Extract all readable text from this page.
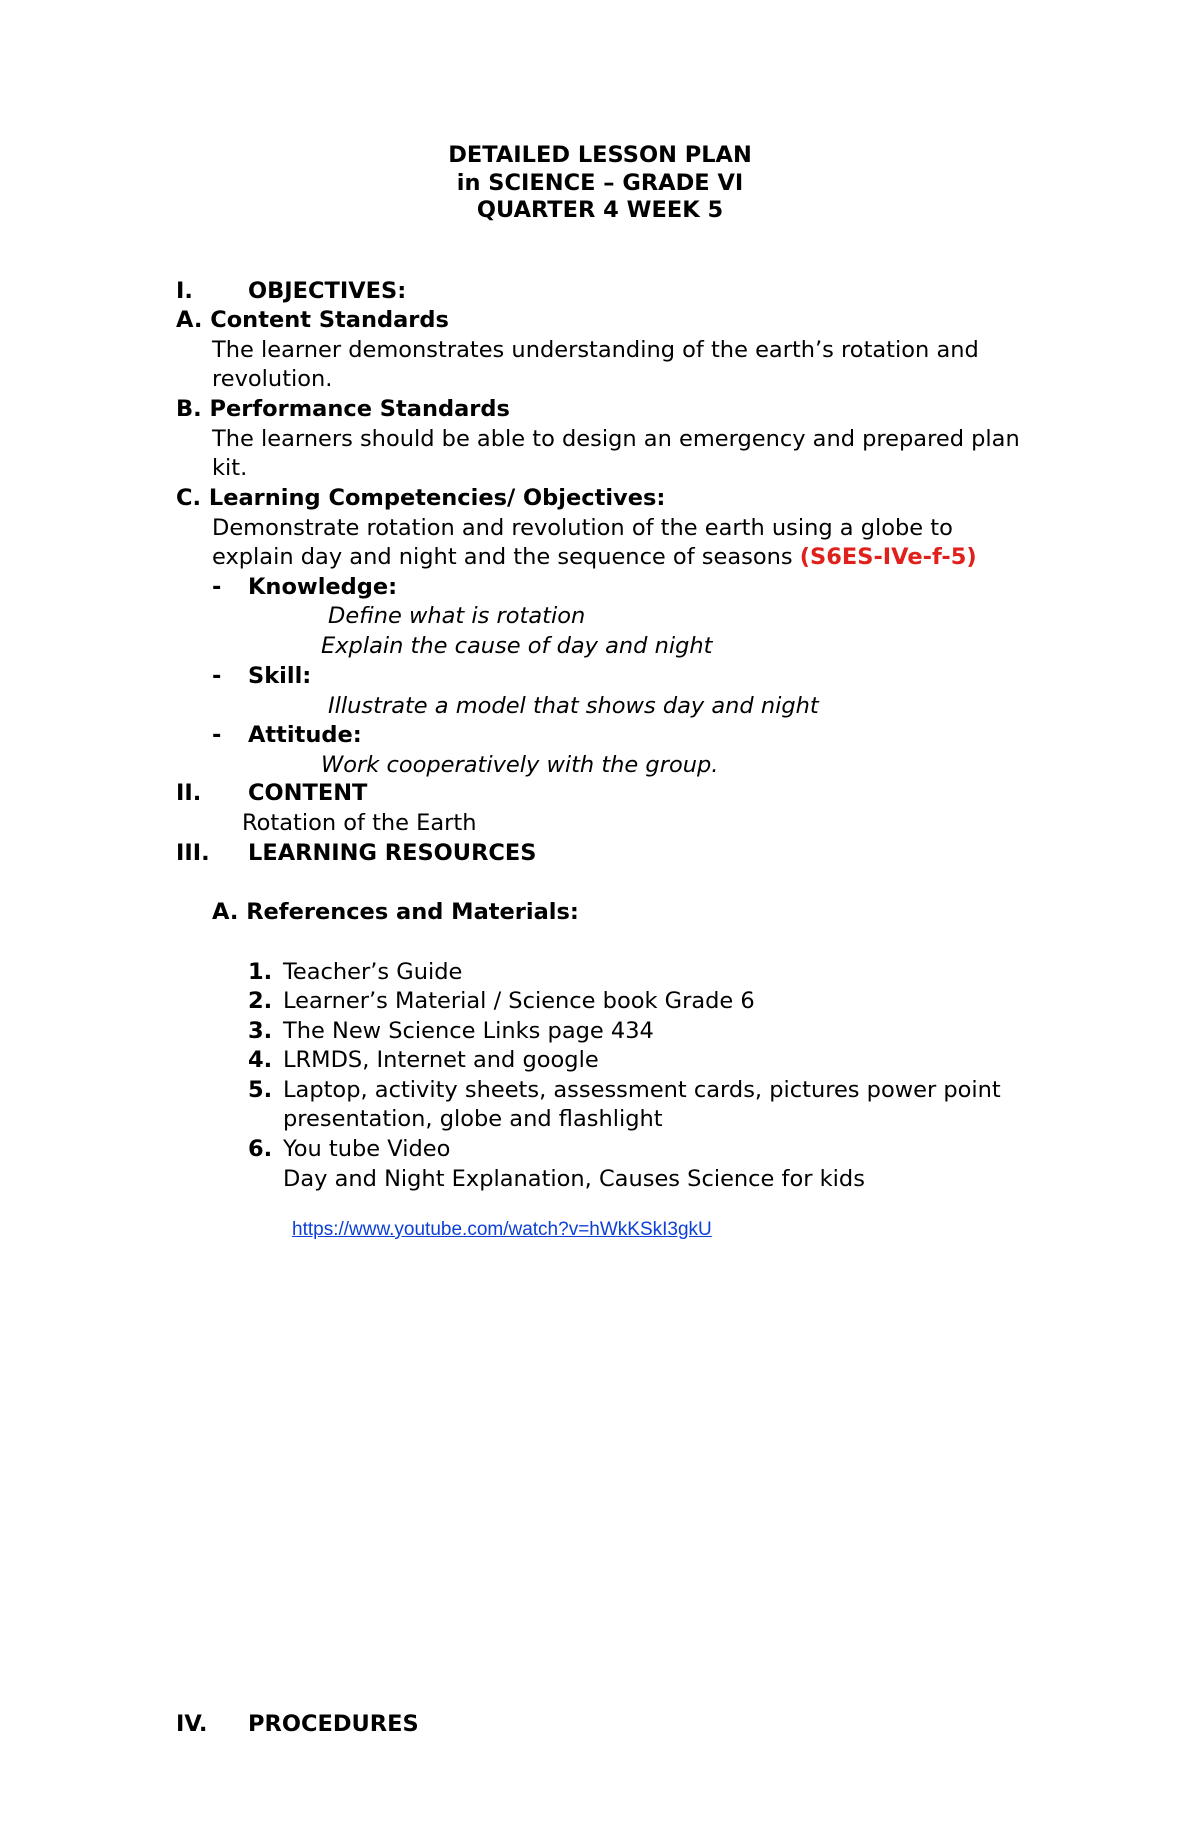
DETAILED LESSON PLAN
in SCIENCE – GRADE VI
QUARTER 4 WEEK 5
I. OBJECTIVES:
A. Content Standards
The learner demonstrates understanding of the earth’s rotation and
revolution.
B. Performance Standards
The learners should be able to design an emergency and prepared plan
kit.
C. Learning Competencies/ Objectives:
Demonstrate rotation and revolution of the earth using a globe to
explain day and night and the sequence of seasons (S6ES-IVe-f-5)
- Knowledge:
Define what is rotation
Explain the cause of day and night
- Skill:
Illustrate a model that shows day and night
- Attitude:
Work cooperatively with the group.
II. CONTENT
Rotation of the Earth
III. LEARNING RESOURCES
A. References and Materials:
1. Teacher’s Guide
2. Learner’s Material / Science book Grade 6
3. The New Science Links page 434
4. LRMDS, Internet and google
5. Laptop, activity sheets, assessment cards, pictures power point
presentation, globe and flashlight
6. You tube Video
Day and Night Explanation, Causes Science for kids
https://www.youtube.com/watch?v=hWkKSkI3gkU
IV. PROCEDURES
